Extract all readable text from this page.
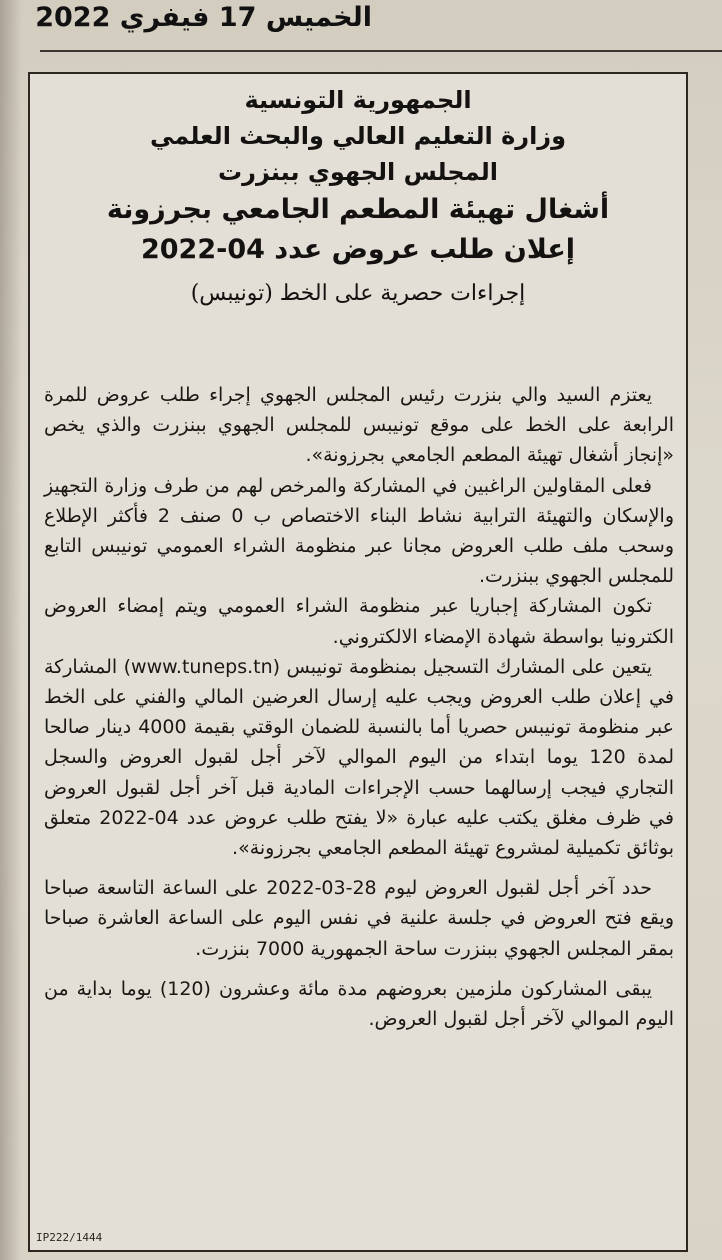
الخميس 17 فيفري 2022
الجمهورية التونسية
وزارة التعليم العالي والبحث العلمي
المجلس الجهوي ببنزرت
أشغال تهيئة المطعم الجامعي بجرزونة
إعلان طلب عروض عدد 04-2022
إجراءات حصرية على الخط (تونيبس)

يعتزم السيد والي بنزرت رئيس المجلس الجهوي إجراء طلب عروض للمرة الرابعة على الخط على موقع تونيبس للمجلس الجهوي ببنزرت والذي يخص «إنجاز أشغال تهيئة المطعم الجامعي بجرزونة».

فعلى المقاولين الراغبين في المشاركة والمرخص لهم من طرف وزارة التجهيز والإسكان والتهيئة الترابية نشاط البناء الاختصاص ب 0 صنف 2 فأكثر الإطلاع وسحب ملف طلب العروض مجانا عبر منظومة الشراء العمومي تونيبس التابع للمجلس الجهوي ببنزرت.

تكون المشاركة إجباريا عبر منظومة الشراء العمومي ويتم إمضاء العروض الكترونيا بواسطة شهادة الإمضاء الالكتروني.

يتعين على المشارك التسجيل بمنظومة تونيبس (www.tuneps.tn) المشاركة في إعلان طلب العروض ويجب عليه إرسال العرضين المالي والفني على الخط عبر منظومة تونيبس حصريا أما بالنسبة للضمان الوقتي بقيمة 4000 دينار صالحا لمدة 120 يوما ابتداء من اليوم الموالي لآخر أجل لقبول العروض والسجل التجاري فيجب إرسالهما حسب الإجراءات المادية قبل آخر أجل لقبول العروض في ظرف مغلق يكتب عليه عبارة «لا يفتح طلب عروض عدد 04-2022 متعلق بوثائق تكميلية لمشروع تهيئة المطعم الجامعي بجرزونة».

حدد آخر أجل لقبول العروض ليوم 28-03-2022 على الساعة التاسعة صباحا ويقع فتح العروض في جلسة علنية في نفس اليوم على الساعة العاشرة صباحا بمقر المجلس الجهوي ببنزرت ساحة الجمهورية 7000 بنزرت.

يبقى المشاركون ملزمين بعروضهم مدة مائة وعشرون (120) يوما بداية من اليوم الموالي لآخر أجل لقبول العروض.

IP222/1444
